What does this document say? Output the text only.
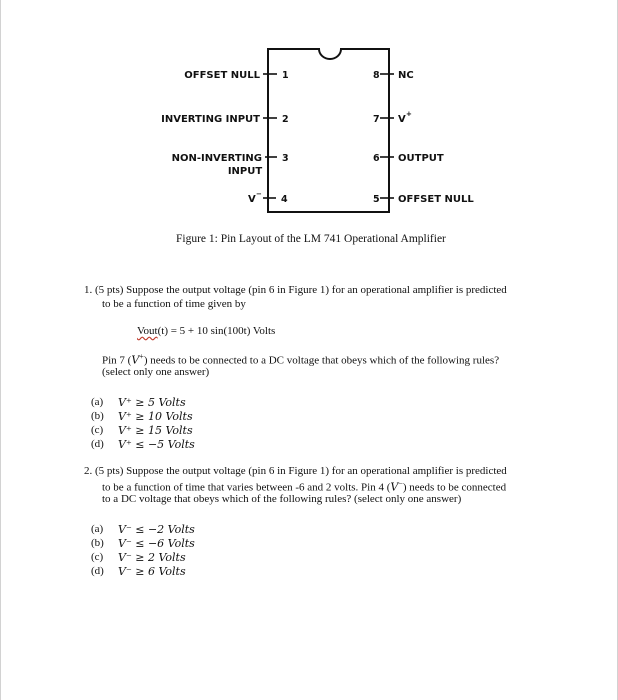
OFFSET NULL 1
INVERTING INPUT 2
NON-INVERTING
INPUT
3
V − 4
8 NC
7 V +
6 OUTPUT
5 OFFSET NULL
Figure 1: Pin Layout of the LM 741 Operational Amplifier
1. (5 pts) Suppose the output voltage (pin 6 in Figure 1) for an operational amplifier is predicted
to be a function of time given by
Vout(t) = 5 + 10 sin(100t) Volts
Pin 7 (V+) needs to be connected to a DC voltage that obeys which of the following rules?
(select only one answer)
(a) V⁺ ≥ 5 Volts
(b) V⁺ ≥ 10 Volts
(c) V⁺ ≥ 15 Volts
(d) V⁺ ≤ −5 Volts
2. (5 pts) Suppose the output voltage (pin 6 in Figure 1) for an operational amplifier is predicted
to be a function of time that varies between -6 and 2 volts. Pin 4 (V−) needs to be connected
to a DC voltage that obeys which of the following rules? (select only one answer)
(a) V⁻ ≤ −2 Volts
(b) V⁻ ≤ −6 Volts
(c) V⁻ ≥ 2 Volts
(d) V⁻ ≥ 6 Volts
